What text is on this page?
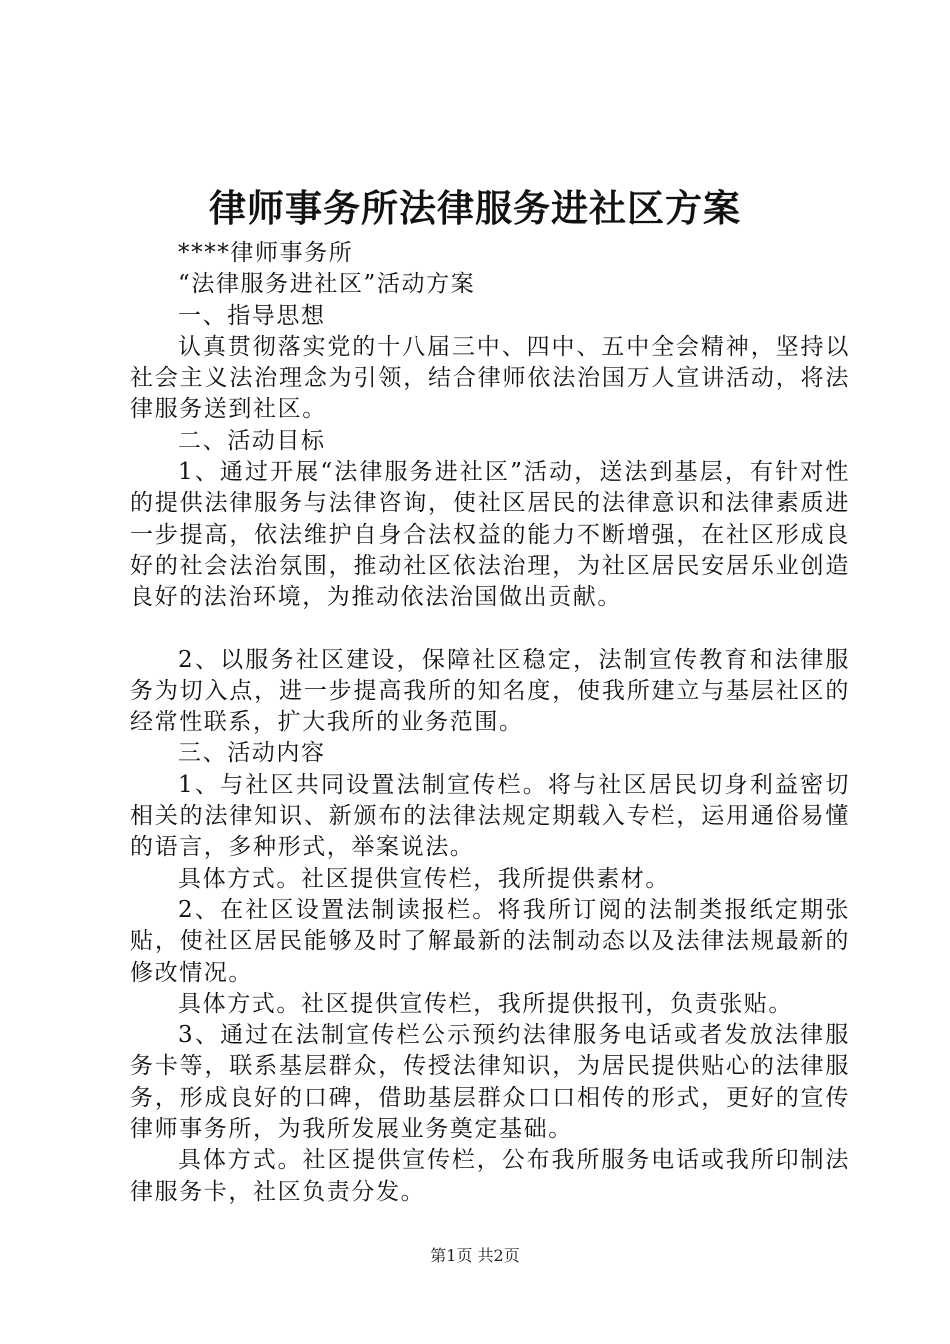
律师事务所法律服务进社区方案

****律师事务所

“法律服务进社区”活动方案

一、指导思想

认真贯彻落实党的十八届三中、四中、五中全会精神，坚持以社会主义法治理念为引领，结合律师依法治国万人宣讲活动，将法律服务送到社区。

二、活动目标

1、通过开展“法律服务进社区”活动，送法到基层，有针对性的提供法律服务与法律咨询，使社区居民的法律意识和法律素质进一步提高，依法维护自身合法权益的能力不断增强，在社区形成良好的社会法治氛围，推动社区依法治理，为社区居民安居乐业创造良好的法治环境，为推动依法治国做出贡献。

2、以服务社区建设，保障社区稳定，法制宣传教育和法律服务为切入点，进一步提高我所的知名度，使我所建立与基层社区的经常性联系，扩大我所的业务范围。

三、活动内容

1、与社区共同设置法制宣传栏。将与社区居民切身利益密切相关的法律知识、新颁布的法律法规定期载入专栏，运用通俗易懂的语言，多种形式，举案说法。

具体方式。社区提供宣传栏，我所提供素材。

2、在社区设置法制读报栏。将我所订阅的法制类报纸定期张贴，使社区居民能够及时了解最新的法制动态以及法律法规最新的修改情况。

具体方式。社区提供宣传栏，我所提供报刊，负责张贴。

3、通过在法制宣传栏公示预约法律服务电话或者发放法律服务卡等，联系基层群众，传授法律知识，为居民提供贴心的法律服务，形成良好的口碑，借助基层群众口口相传的形式，更好的宣传律师事务所，为我所发展业务奠定基础。

具体方式。社区提供宣传栏，公布我所服务电话或我所印制法律服务卡，社区负责分发。

第1页 共2页
